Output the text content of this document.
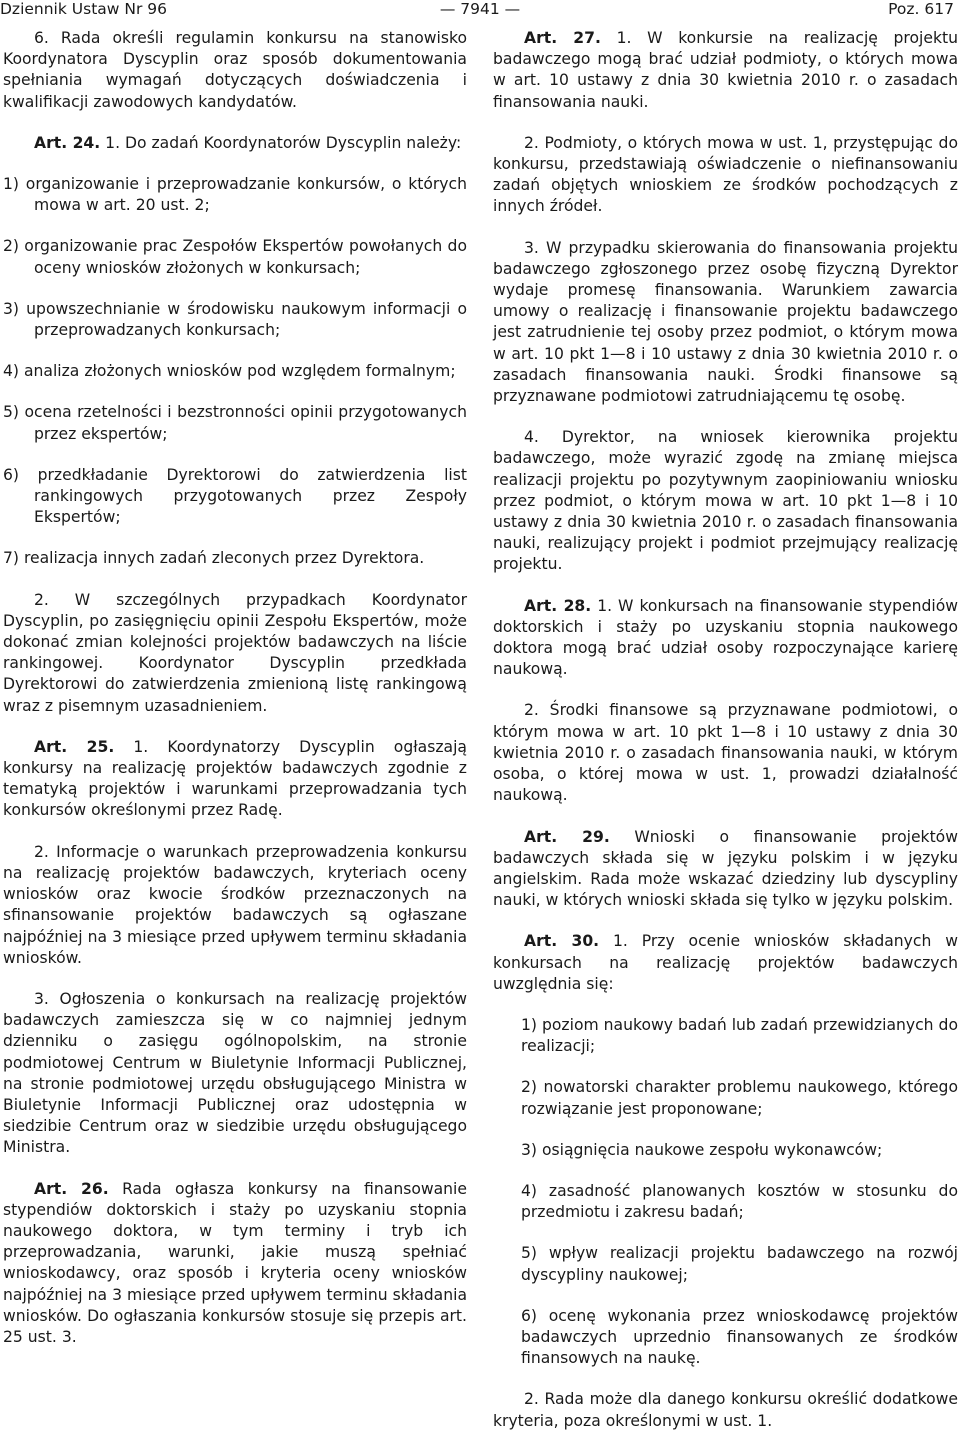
Dziennik Ustaw Nr 96	— 7941 —	Poz. 617

6. Rada określi regulamin konkursu na stanowisko Koordynatora Dyscyplin oraz sposób dokumentowania spełniania wymagań dotyczących doświadczenia i kwalifikacji zawodowych kandydatów.

Art. 24. 1. Do zadań Koordynatorów Dyscyplin należy:

1) organizowanie i przeprowadzanie konkursów, o których mowa w art. 20 ust. 2;

2) organizowanie prac Zespołów Ekspertów powołanych do oceny wniosków złożonych w konkursach;

3) upowszechnianie w środowisku naukowym informacji o przeprowadzanych konkursach;

4) analiza złożonych wniosków pod względem formalnym;

5) ocena rzetelności i bezstronności opinii przygotowanych przez ekspertów;

6) przedkładanie Dyrektorowi do zatwierdzenia list rankingowych przygotowanych przez Zespoły Ekspertów;

7) realizacja innych zadań zleconych przez Dyrektora.

2. W szczególnych przypadkach Koordynator Dyscyplin, po zasięgnięciu opinii Zespołu Ekspertów, może dokonać zmian kolejności projektów badawczych na liście rankingowej. Koordynator Dyscyplin przedkłada Dyrektorowi do zatwierdzenia zmienioną listę rankingową wraz z pisemnym uzasadnieniem.

Art. 25. 1. Koordynatorzy Dyscyplin ogłaszają konkursy na realizację projektów badawczych zgodnie z tematyką projektów i warunkami przeprowadzania tych konkursów określonymi przez Radę.

2. Informacje o warunkach przeprowadzenia konkursu na realizację projektów badawczych, kryteriach oceny wniosków oraz kwocie środków przeznaczonych na sfinansowanie projektów badawczych są ogłaszane najpóźniej na 3 miesiące przed upływem terminu składania wniosków.

3. Ogłoszenia o konkursach na realizację projektów badawczych zamieszcza się w co najmniej jednym dzienniku o zasięgu ogólnopolskim, na stronie podmiotowej Centrum w Biuletynie Informacji Publicznej, na stronie podmiotowej urzędu obsługującego Ministra w Biuletynie Informacji Publicznej oraz udostępnia w siedzibie Centrum oraz w siedzibie urzędu obsługującego Ministra.

Art. 26. Rada ogłasza konkursy na finansowanie stypendiów doktorskich i staży po uzyskaniu stopnia naukowego doktora, w tym terminy i tryb ich przeprowadzania, warunki, jakie muszą spełniać wnioskodawcy, oraz sposób i kryteria oceny wniosków najpóźniej na 3 miesiące przed upływem terminu składania wniosków. Do ogłaszania konkursów stosuje się przepis art. 25 ust. 3.

Art. 27. 1. W konkursie na realizację projektu badawczego mogą brać udział podmioty, o których mowa w art. 10 ustawy z dnia 30 kwietnia 2010 r. o zasadach finansowania nauki.

2. Podmioty, o których mowa w ust. 1, przystępując do konkursu, przedstawiają oświadczenie o niefinansowaniu zadań objętych wnioskiem ze środków pochodzących z innych źródeł.

3. W przypadku skierowania do finansowania projektu badawczego zgłoszonego przez osobę fizyczną Dyrektor wydaje promesę finansowania. Warunkiem zawarcia umowy o realizację i finansowanie projektu badawczego jest zatrudnienie tej osoby przez podmiot, o którym mowa w art. 10 pkt 1—8 i 10 ustawy z dnia 30 kwietnia 2010 r. o zasadach finansowania nauki. Środki finansowe są przyznawane podmiotowi zatrudniającemu tę osobę.

4. Dyrektor, na wniosek kierownika projektu badawczego, może wyrazić zgodę na zmianę miejsca realizacji projektu po pozytywnym zaopiniowaniu wniosku przez podmiot, o którym mowa w art. 10 pkt 1—8 i 10 ustawy z dnia 30 kwietnia 2010 r. o zasadach finansowania nauki, realizujący projekt i podmiot przejmujący realizację projektu.

Art. 28. 1. W konkursach na finansowanie stypendiów doktorskich i staży po uzyskaniu stopnia naukowego doktora mogą brać udział osoby rozpoczynające karierę naukową.

2. Środki finansowe są przyznawane podmiotowi, o którym mowa w art. 10 pkt 1—8 i 10 ustawy z dnia 30 kwietnia 2010 r. o zasadach finansowania nauki, w którym osoba, o której mowa w ust. 1, prowadzi działalność naukową.

Art. 29. Wnioski o finansowanie projektów badawczych składa się w języku polskim i w języku angielskim. Rada może wskazać dziedziny lub dyscypliny nauki, w których wnioski składa się tylko w języku polskim.

Art. 30. 1. Przy ocenie wniosków składanych w konkursach na realizację projektów badawczych uwzględnia się:

1) poziom naukowy badań lub zadań przewidzianych do realizacji;

2) nowatorski charakter problemu naukowego, którego rozwiązanie jest proponowane;

3) osiągnięcia naukowe zespołu wykonawców;

4) zasadność planowanych kosztów w stosunku do przedmiotu i zakresu badań;

5) wpływ realizacji projektu badawczego na rozwój dyscypliny naukowej;

6) ocenę wykonania przez wnioskodawcę projektów badawczych uprzednio finansowanych ze środków finansowych na naukę.

2. Rada może dla danego konkursu określić dodatkowe kryteria, poza określonymi w ust. 1.
